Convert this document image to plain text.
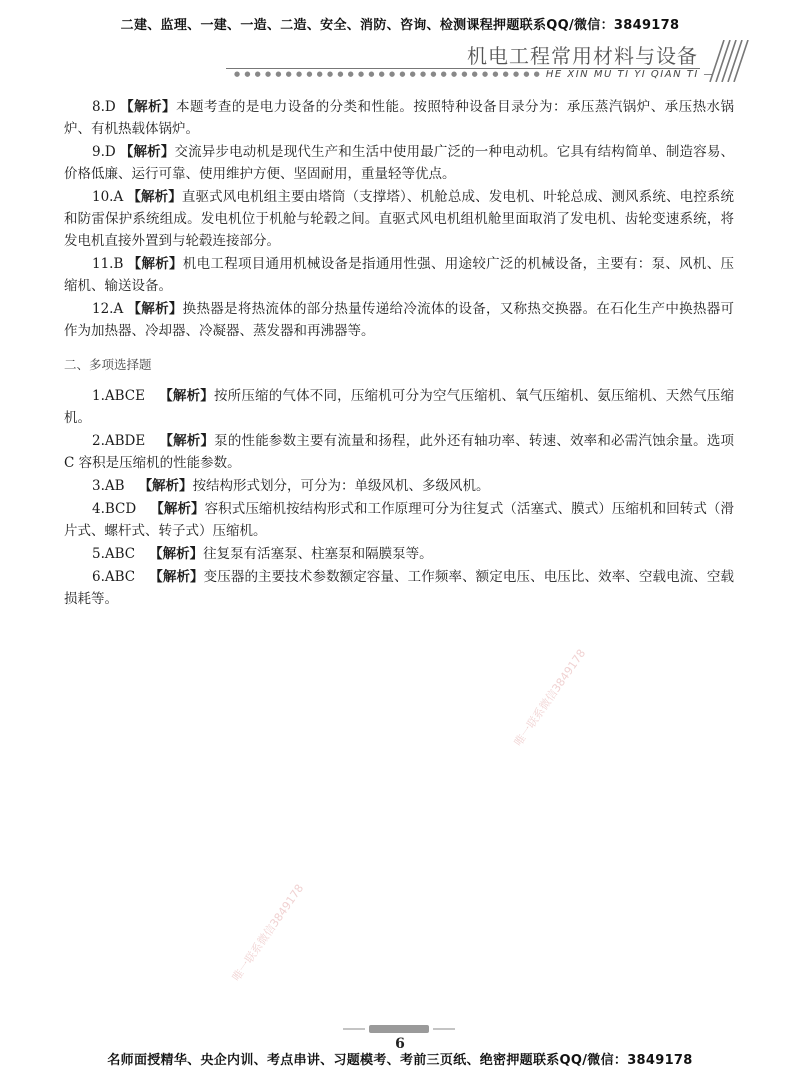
二建、监理、一建、一造、二造、安全、消防、咨询、检测课程押题联系QQ/微信：3849178
机电工程常用材料与设备
● ● ● ● ● ● ● ● ● ● ● ● ● ● ● ● ● ● ● ● ● ● ● ● ● ● ● ● ● ● HE XIN MU TI YI QIAN TI —

8.D 【解析】本题考查的是电力设备的分类和性能。按照特种设备目录分为：承压蒸汽锅炉、承压热水锅炉、有机热载体锅炉。

9.D 【解析】交流异步电动机是现代生产和生活中使用最广泛的一种电动机。它具有结构简单、制造容易、价格低廉、运行可靠、使用维护方便、坚固耐用，重量轻等优点。

10.A 【解析】直驱式风电机组主要由塔筒（支撑塔）、机舱总成、发电机、叶轮总成、测风系统、电控系统和防雷保护系统组成。发电机位于机舱与轮毂之间。直驱式风电机组机舱里面取消了发电机、齿轮变速系统，将发电机直接外置到与轮毂连接部分。

11.B 【解析】机电工程项目通用机械设备是指通用性强、用途较广泛的机械设备，主要有：泵、风机、压缩机、输送设备。

12.A 【解析】换热器是将热流体的部分热量传递给冷流体的设备，又称热交换器。在石化生产中换热器可作为加热器、冷却器、冷凝器、蒸发器和再沸器等。

二、多项选择题

1.ABCE 【解析】按所压缩的气体不同，压缩机可分为空气压缩机、氧气压缩机、氨压缩机、天然气压缩机。

2.ABDE 【解析】泵的性能参数主要有流量和扬程，此外还有轴功率、转速、效率和必需汽蚀余量。选项 C 容积是压缩机的性能参数。

3.AB 【解析】按结构形式划分，可分为：单级风机、多级风机。

4.BCD 【解析】容积式压缩机按结构形式和工作原理可分为往复式（活塞式、膜式）压缩机和回转式（滑片式、螺杆式、转子式）压缩机。

5.ABC 【解析】往复泵有活塞泵、柱塞泵和隔膜泵等。

6.ABC 【解析】变压器的主要技术参数额定容量、工作频率、额定电压、电压比、效率、空载电流、空载损耗等。

唯一联系微信3849178
唯一联系微信3849178
6
名师面授精华、央企内训、考点串讲、习题模考、考前三页纸、绝密押题联系QQ/微信：3849178
